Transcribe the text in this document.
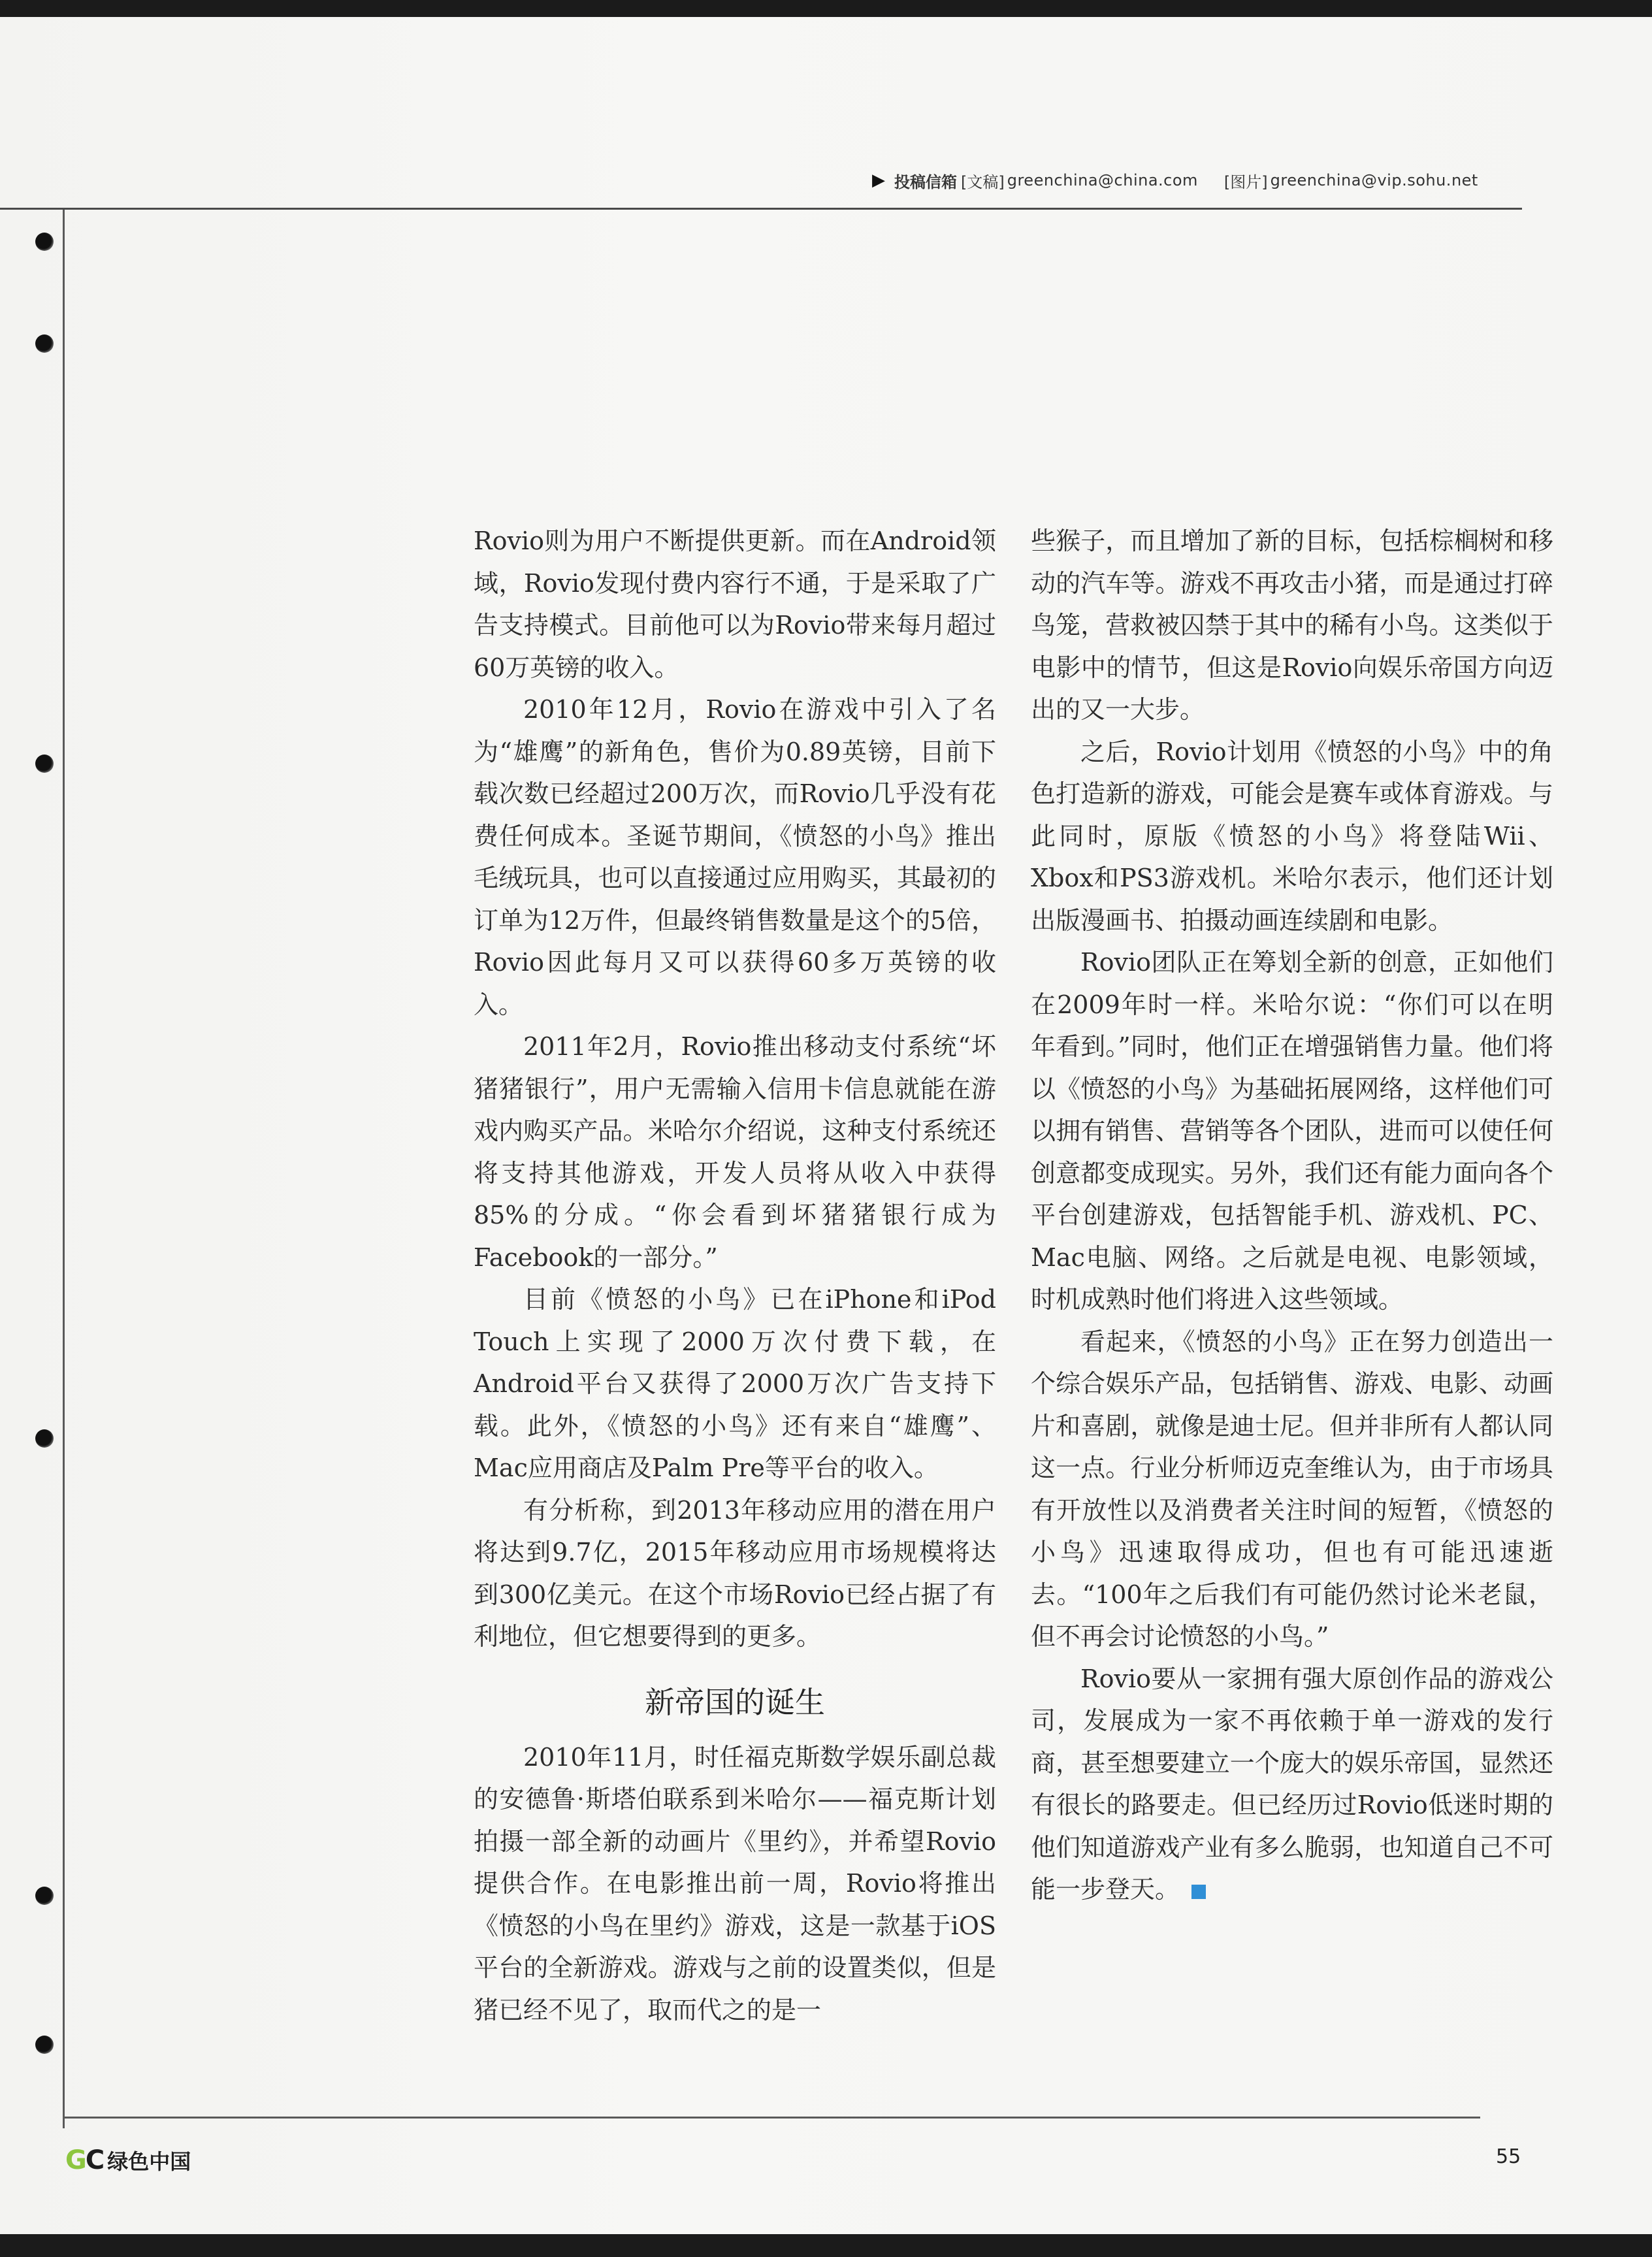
▶ 投稿信箱 [文稿] greenchina@china.com [图片] greenchina@vip.sohu.net

Rovio则为用户不断提供更新。而在Android领域，Rovio发现付费内容行不通，于是采取了广告支持模式。目前他可以为Rovio带来每月超过60万英镑的收入。

2010年12月，Rovio在游戏中引入了名为“雄鹰”的新角色，售价为0.89英镑，目前下载次数已经超过200万次，而Rovio几乎没有花费任何成本。圣诞节期间，《愤怒的小鸟》推出毛绒玩具，也可以直接通过应用购买，其最初的订单为12万件，但最终销售数量是这个的5倍，Rovio因此每月又可以获得60多万英镑的收入。

2011年2月，Rovio推出移动支付系统“坏猪猪银行”，用户无需输入信用卡信息就能在游戏内购买产品。米哈尔介绍说，这种支付系统还将支持其他游戏，开发人员将从收入中获得85%的分成。“你会看到坏猪猪银行成为Facebook的一部分。”

目前《愤怒的小鸟》已在iPhone和iPod Touch上实现了2000万次付费下载，在Android平台又获得了2000万次广告支持下载。此外，《愤怒的小鸟》还有来自“雄鹰”、Mac应用商店及Palm Pre等平台的收入。

有分析称，到2013年移动应用的潜在用户将达到9.7亿，2015年移动应用市场规模将达到300亿美元。在这个市场Rovio已经占据了有利地位，但它想要得到的更多。

新帝国的诞生

2010年11月，时任福克斯数学娱乐副总裁的安德鲁·斯塔伯联系到米哈尔——福克斯计划拍摄一部全新的动画片《里约》，并希望Rovio提供合作。在电影推出前一周，Rovio将推出《愤怒的小鸟在里约》游戏，这是一款基于iOS平台的全新游戏。游戏与之前的设置类似，但是猪已经不见了，取而代之的是一

些猴子，而且增加了新的目标，包括棕榈树和移动的汽车等。游戏不再攻击小猪，而是通过打碎鸟笼，营救被囚禁于其中的稀有小鸟。这类似于电影中的情节，但这是Rovio向娱乐帝国方向迈出的又一大步。

之后，Rovio计划用《愤怒的小鸟》中的角色打造新的游戏，可能会是赛车或体育游戏。与此同时，原版《愤怒的小鸟》将登陆Wii、Xbox和PS3游戏机。米哈尔表示，他们还计划出版漫画书、拍摄动画连续剧和电影。

Rovio团队正在筹划全新的创意，正如他们在2009年时一样。米哈尔说：“你们可以在明年看到。”同时，他们正在增强销售力量。他们将以《愤怒的小鸟》为基础拓展网络，这样他们可以拥有销售、营销等各个团队，进而可以使任何创意都变成现实。另外，我们还有能力面向各个平台创建游戏，包括智能手机、游戏机、PC、Mac电脑、网络。之后就是电视、电影领域，时机成熟时他们将进入这些领域。

看起来，《愤怒的小鸟》正在努力创造出一个综合娱乐产品，包括销售、游戏、电影、动画片和喜剧，就像是迪士尼。但并非所有人都认同这一点。行业分析师迈克奎维认为，由于市场具有开放性以及消费者关注时间的短暂，《愤怒的小鸟》迅速取得成功，但也有可能迅速逝去。“100年之后我们有可能仍然讨论米老鼠，但不再会讨论愤怒的小鸟。”

Rovio要从一家拥有强大原创作品的游戏公司，发展成为一家不再依赖于单一游戏的发行商，甚至想要建立一个庞大的娱乐帝国，显然还有很长的路要走。但已经历过Rovio低迷时期的他们知道游戏产业有多么脆弱，也知道自己不可能一步登天。

GC 绿色中国	55
